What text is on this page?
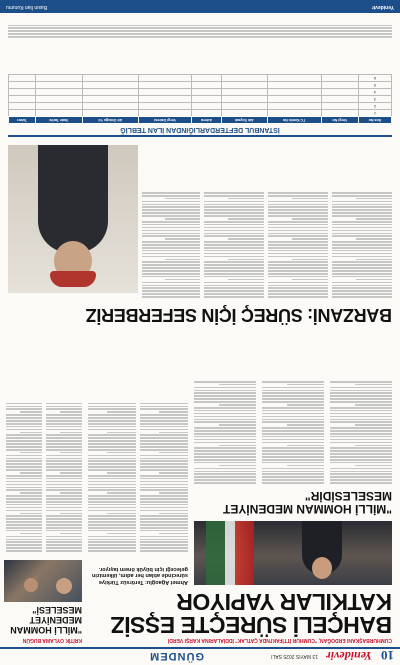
10
Yenidevir
13 MAYIS 2025 SALI
GÜNDEM
CUMHURBAŞKANI ERDOĞAN, "CUMHUR İTTİFAKI'NDA ÇATLAK" İDDİALARINA KARŞI VERDİ
BAHÇELİ SÜREÇTE EŞSİZ KATKILAR YAPIYOR
Ahmet Ağaoğlu: Terörsüz Türkiye sürecinde atılan her adım, ülkemizin geleceği için büyük önem taşıyor.
"MİLLİ HOMMAN MEDENİYET MESELESİDİR"
KRİTİK OYLAMA BUGÜN
"MİLLİ HOMMAN MEDENİYET MESELESİ"
BARZANİ: SÜREÇ İÇİN SEFERBERİZ
İSTANBUL DEFTERDARLIĞINDAN İLAN TEBLİĞ
Sıra No	Vergi No	TC Kimlik No	Adı Soyadı	Adresi	Vergi Dairesi	Ait Olduğu Yıl	Vade Tarihi	Tutarı
1								
2								
3								
4								
5								
6								
Yenidevir
Basın İlan Kurumu
